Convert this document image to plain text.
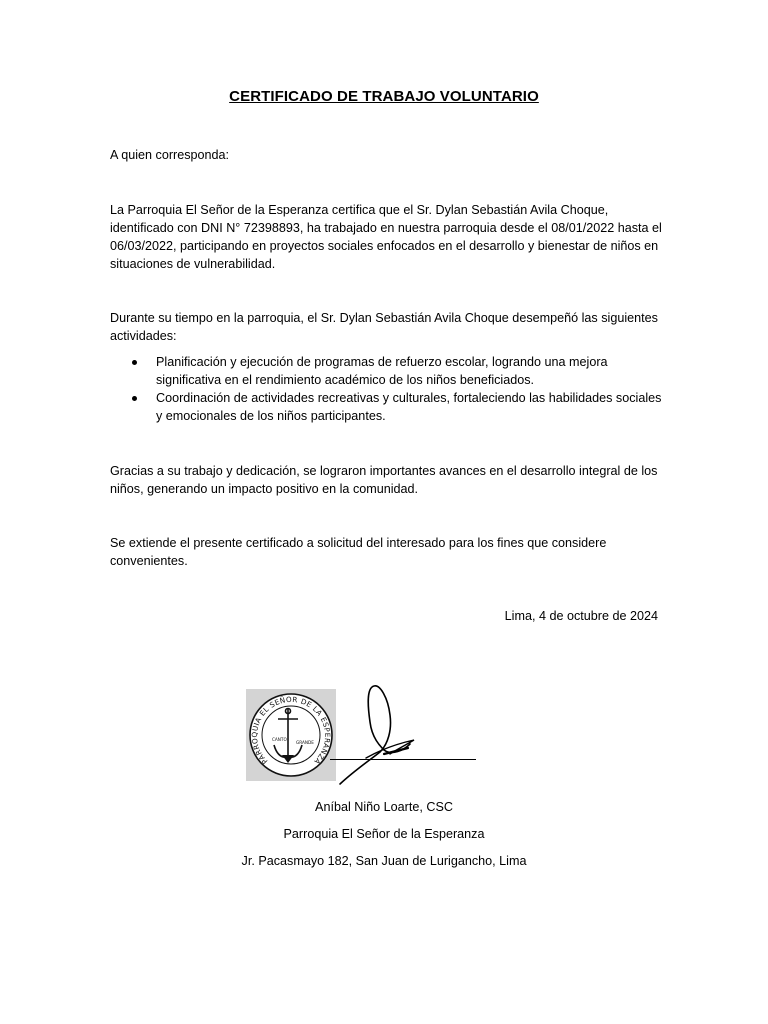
CERTIFICADO DE TRABAJO VOLUNTARIO
A quien corresponda:
La Parroquia El Señor de la Esperanza certifica que el Sr. Dylan Sebastián Avila Choque, identificado con DNI N° 72398893, ha trabajado en nuestra parroquia desde el 08/01/2022 hasta el 06/03/2022, participando en proyectos sociales enfocados en el desarrollo y bienestar de niños en situaciones de vulnerabilidad.
Durante su tiempo en la parroquia, el Sr. Dylan Sebastián Avila Choque desempeñó las siguientes actividades:
Planificación y ejecución de programas de refuerzo escolar, logrando una mejora significativa en el rendimiento académico de los niños beneficiados.
Coordinación de actividades recreativas y culturales, fortaleciendo las habilidades sociales y emocionales de los niños participantes.
Gracias a su trabajo y dedicación, se lograron importantes avances en el desarrollo integral de los niños, generando un impacto positivo en la comunidad.
Se extiende el presente certificado a solicitud del interesado para los fines que considere convenientes.
Lima, 4 de octubre de 2024
PARROQUIA EL SEÑOR DE LA ESPERANZA
CANTO
GRANDE
Aníbal Niño Loarte, CSC
Parroquia El Señor de la Esperanza
Jr. Pacasmayo 182, San Juan de Lurigancho, Lima
